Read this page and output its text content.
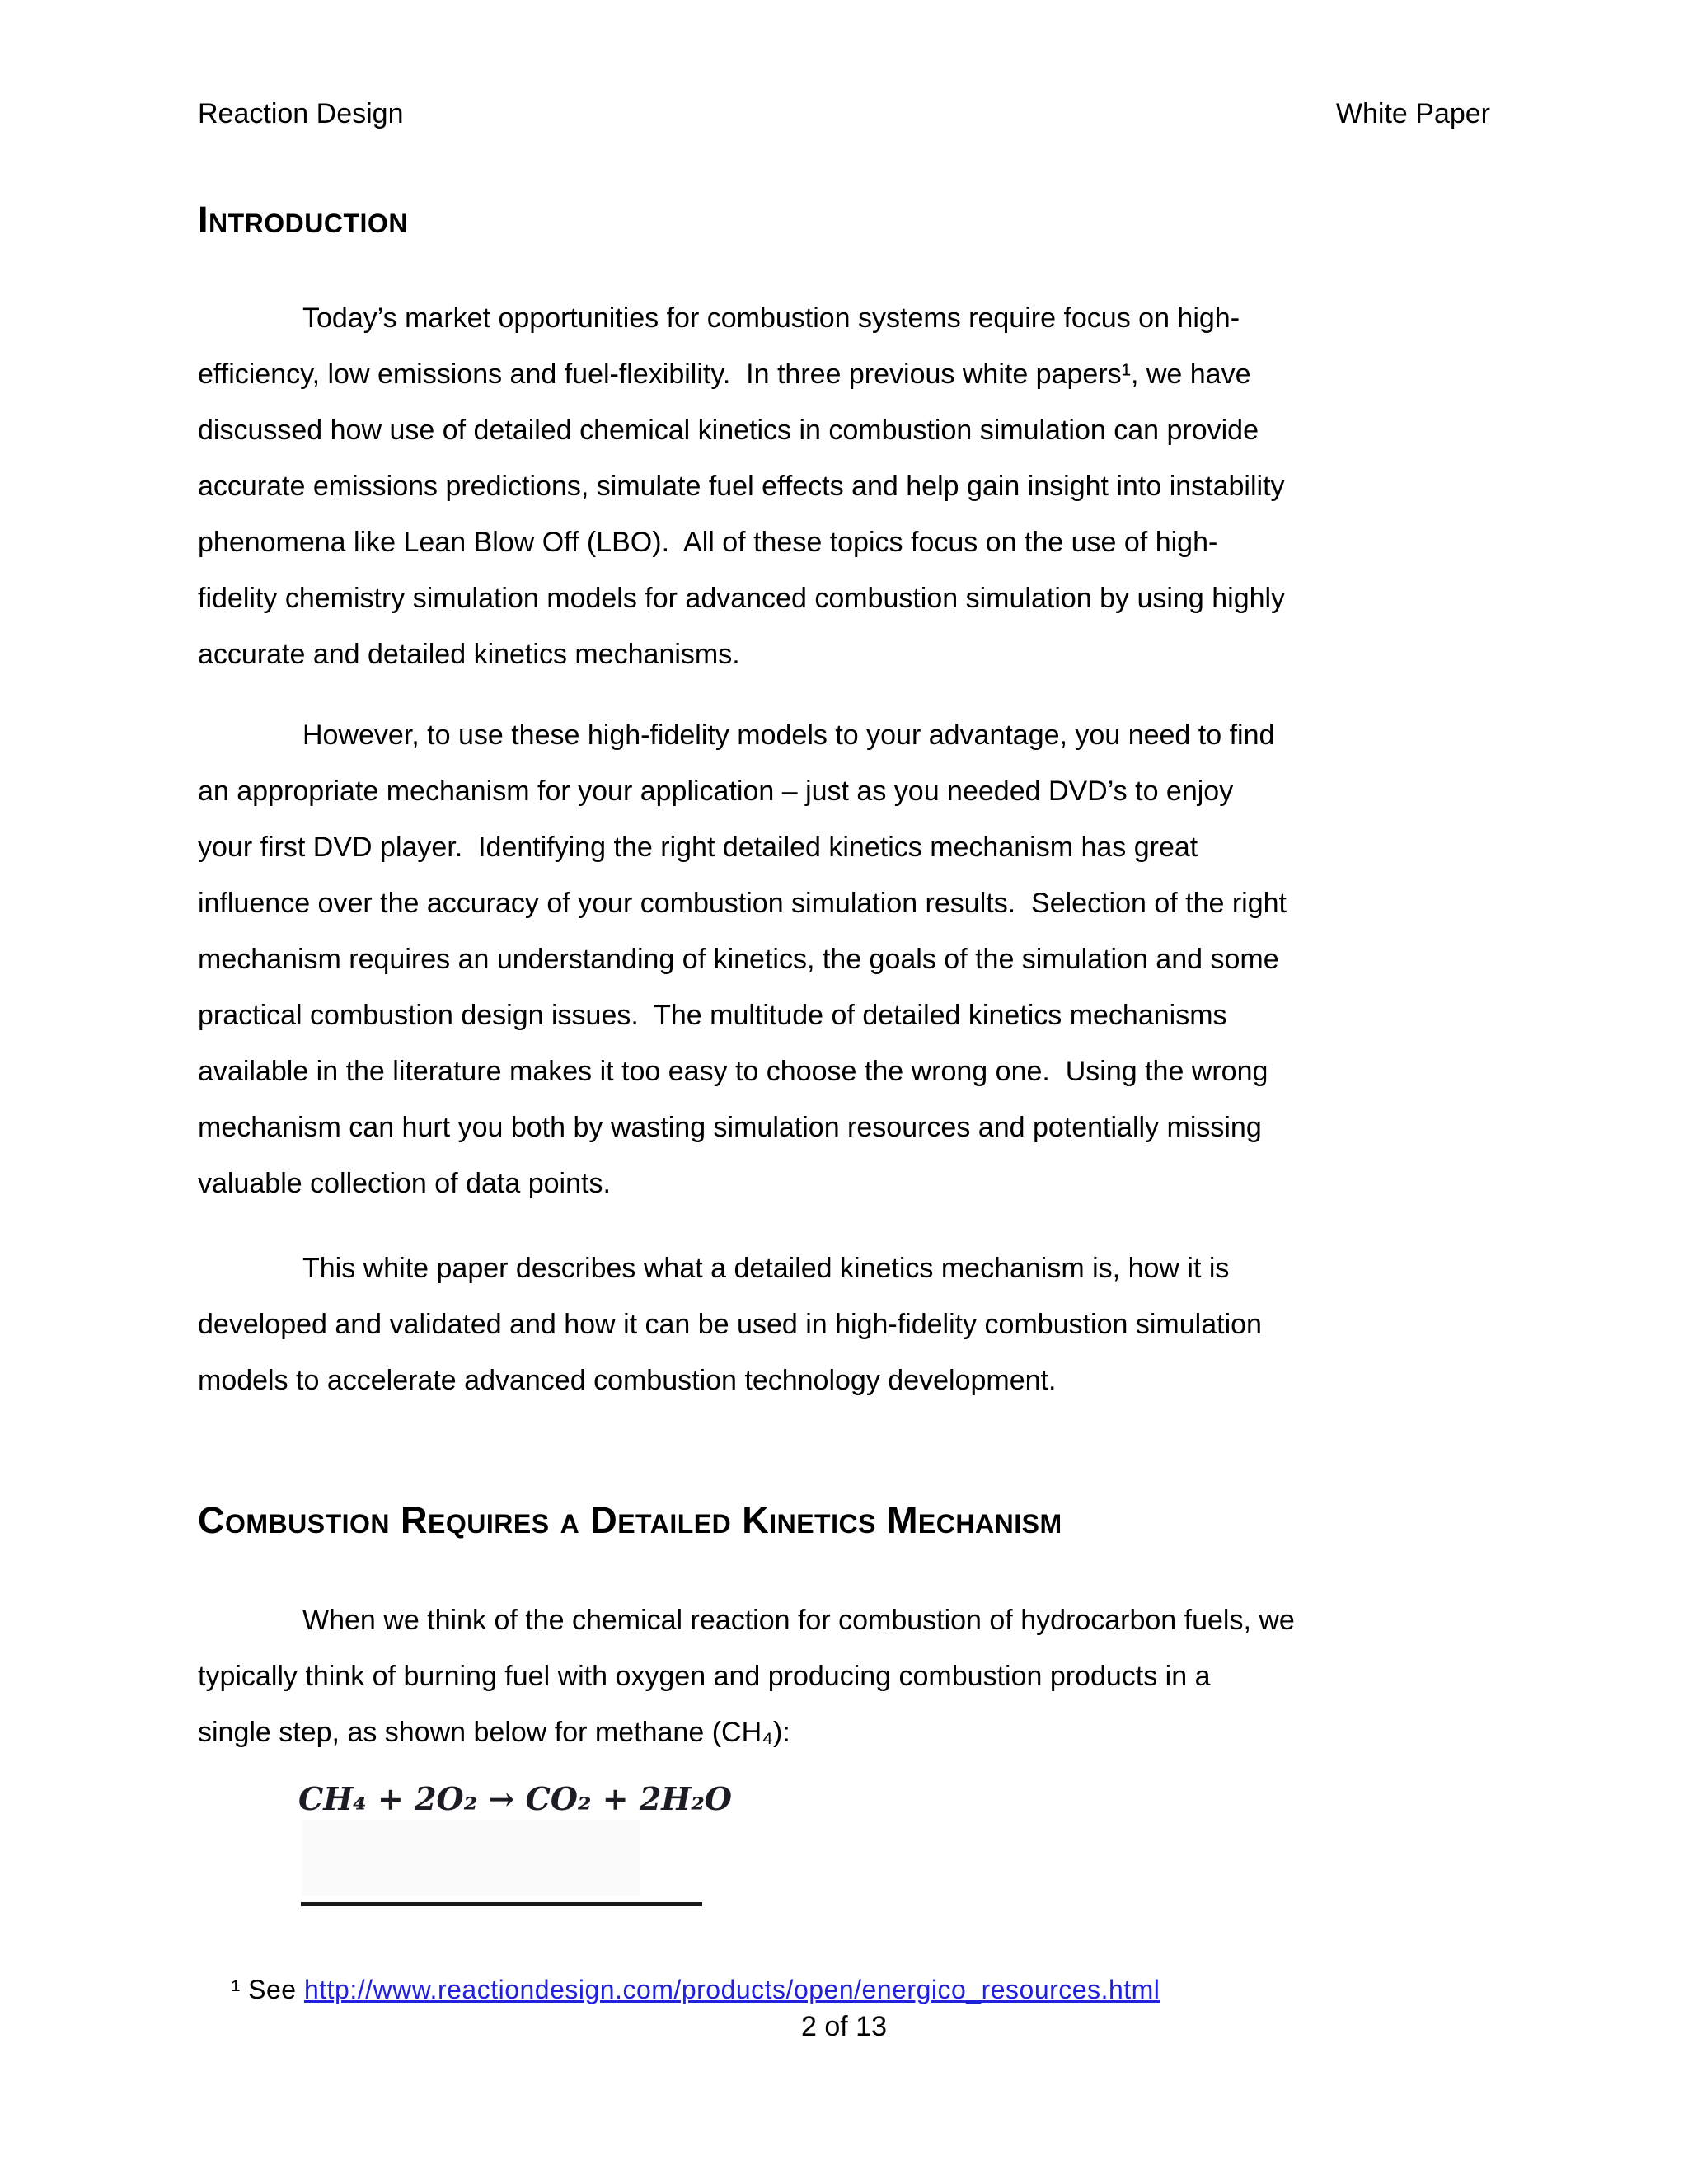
Reaction Design	White Paper
Introduction
Today’s market opportunities for combustion systems require focus on high-
efficiency, low emissions and fuel-flexibility.  In three previous white papers¹, we have
discussed how use of detailed chemical kinetics in combustion simulation can provide
accurate emissions predictions, simulate fuel effects and help gain insight into instability
phenomena like Lean Blow Off (LBO).  All of these topics focus on the use of high-
fidelity chemistry simulation models for advanced combustion simulation by using highly
accurate and detailed kinetics mechanisms.
However, to use these high-fidelity models to your advantage, you need to find
an appropriate mechanism for your application – just as you needed DVD’s to enjoy
your first DVD player.  Identifying the right detailed kinetics mechanism has great
influence over the accuracy of your combustion simulation results.  Selection of the right
mechanism requires an understanding of kinetics, the goals of the simulation and some
practical combustion design issues.  The multitude of detailed kinetics mechanisms
available in the literature makes it too easy to choose the wrong one.  Using the wrong
mechanism can hurt you both by wasting simulation resources and potentially missing
valuable collection of data points.
This white paper describes what a detailed kinetics mechanism is, how it is
developed and validated and how it can be used in high-fidelity combustion simulation
models to accelerate advanced combustion technology development.
Combustion Requires a Detailed Kinetics Mechanism
When we think of the chemical reaction for combustion of hydrocarbon fuels, we
typically think of burning fuel with oxygen and producing combustion products in a
single step, as shown below for methane (CH₄):
CH₄ + 2O₂ → CO₂ + 2H₂O

¹ See http://www.reactiondesign.com/products/open/energico_resources.html

2 of 13
